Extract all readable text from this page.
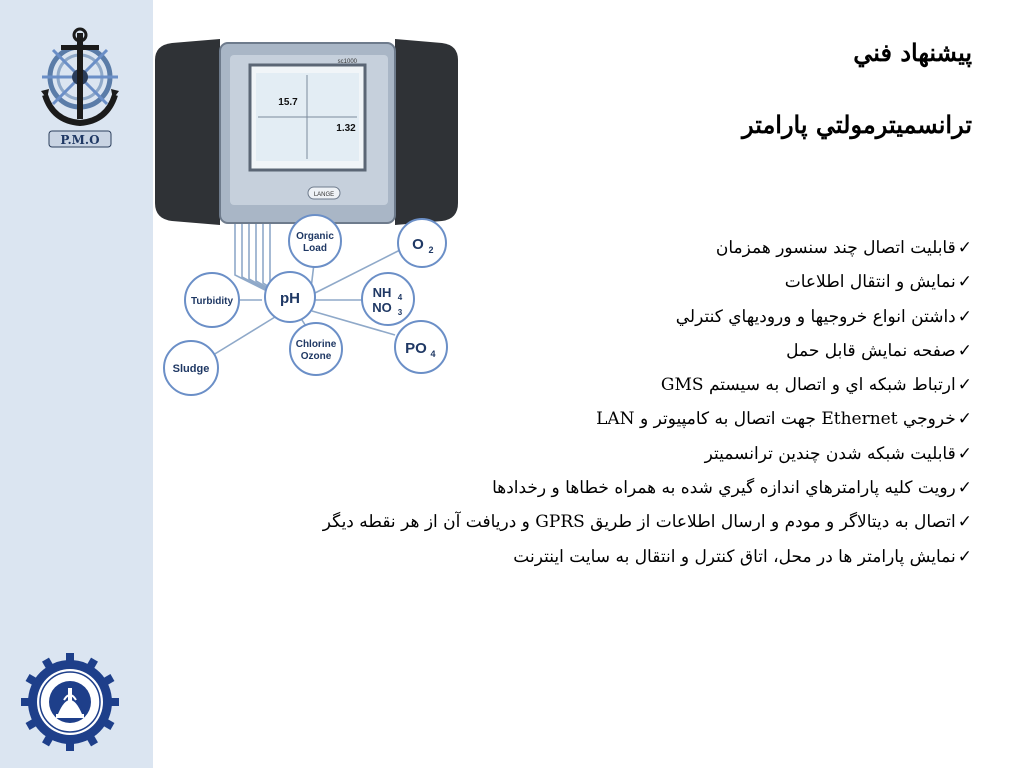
P.M.O
15.7
1.32
sc1000
LANGE
Organic
Load	O 2
Turbidity	pH	NH 4
NO 3
Chlorine
Ozone	PO 4
Sludge
پيشنهاد فني
ترانسميترمولتي پارامتر
✓قابليت اتصال چند سنسور همزمان
✓نمايش و انتقال اطلاعات
✓داشتن انواع خروجيها و وروديهاي کنترلي
✓صفحه نمايش قابل حمل
✓ارتباط شبکه اي و اتصال به سيستم GMS
✓خروجي Ethernet جهت اتصال به کامپيوتر و LAN
✓قابليت شبکه شدن چندين ترانسميتر
✓رويت کليه پارامترهاي اندازه گيري شده به همراه خطاها و رخدادها
✓اتصال به ديتالاگر و مودم و ارسال اطلاعات از طريق GPRS و دريافت آن از هر نقطه ديگر
✓نمايش پارامتر ها در محل، اتاق کنترل و انتقال به سايت اينترنت
